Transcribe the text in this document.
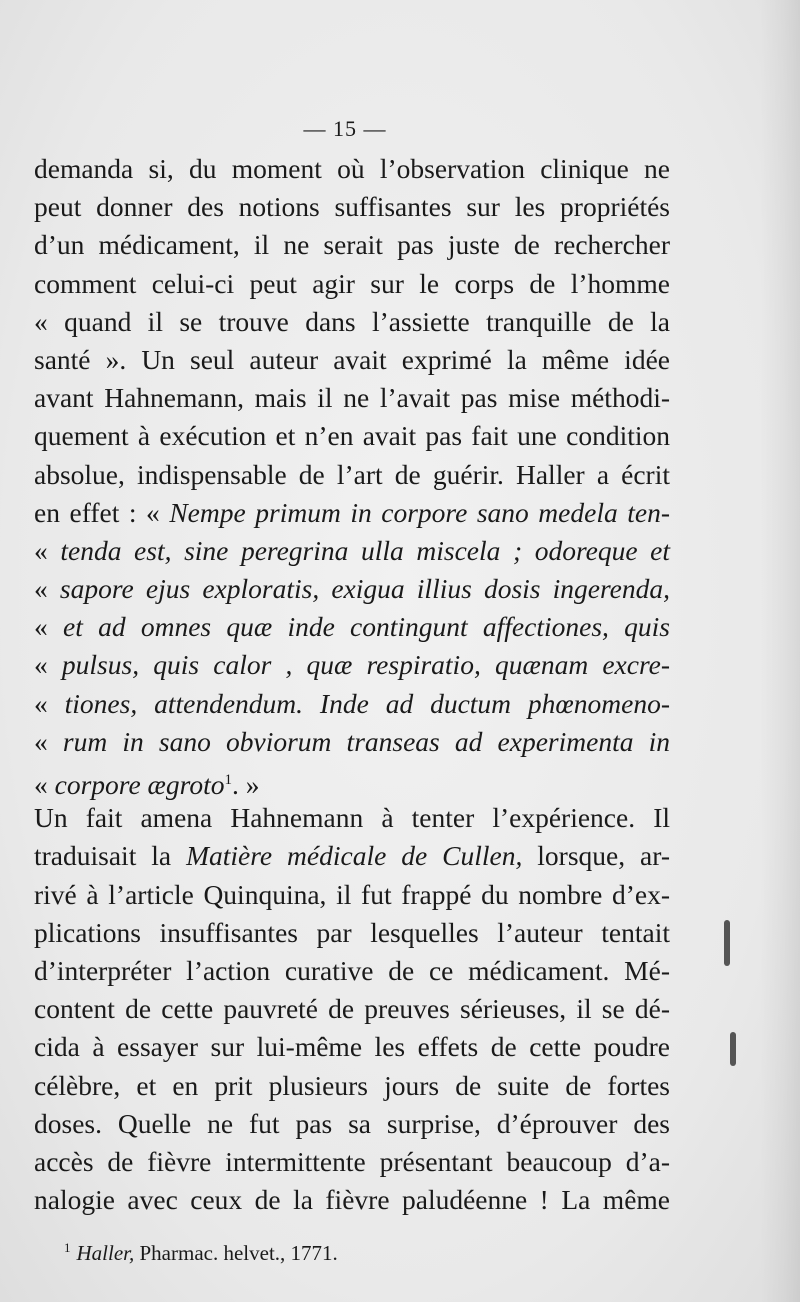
— 15 —
demanda si, du moment où l’observation clinique ne
peut donner des notions suffisantes sur les propriétés
d’un médicament, il ne serait pas juste de rechercher
comment celui-ci peut agir sur le corps de l’homme
« quand il se trouve dans l’assiette tranquille de la
santé ». Un seul auteur avait exprimé la même idée
avant Hahnemann, mais il ne l’avait pas mise méthodi-
quement à exécution et n’en avait pas fait une condition
absolue, indispensable de l’art de guérir. Haller a écrit
en effet : « Nempe primum in corpore sano medela ten-
« tenda est, sine peregrina ulla miscela ; odoreque et
« sapore ejus exploratis, exigua illius dosis ingerenda,
« et ad omnes quæ inde contingunt affectiones, quis
« pulsus, quis calor , quæ respiratio, quænam excre-
« tiones, attendendum. Inde ad ductum phœnomeno-
« rum in sano obviorum transeas ad experimenta in
« corpore ægroto$^1$. »
Un fait amena Hahnemann à tenter l’expérience. Il
traduisait la Matière médicale de Cullen, lorsque, ar-
rivé à l’article Quinquina, il fut frappé du nombre d’ex-
plications insuffisantes par lesquelles l’auteur tentait
d’interpréter l’action curative de ce médicament. Mé-
content de cette pauvreté de preuves sérieuses, il se dé-
cida à essayer sur lui-même les effets de cette poudre
célèbre, et en prit plusieurs jours de suite de fortes
doses. Quelle ne fut pas sa surprise, d’éprouver des
accès de fièvre intermittente présentant beaucoup d’a-
nalogie avec ceux de la fièvre paludéenne ! La même
$^1$ Haller, Pharmac. helvet., 1771.
